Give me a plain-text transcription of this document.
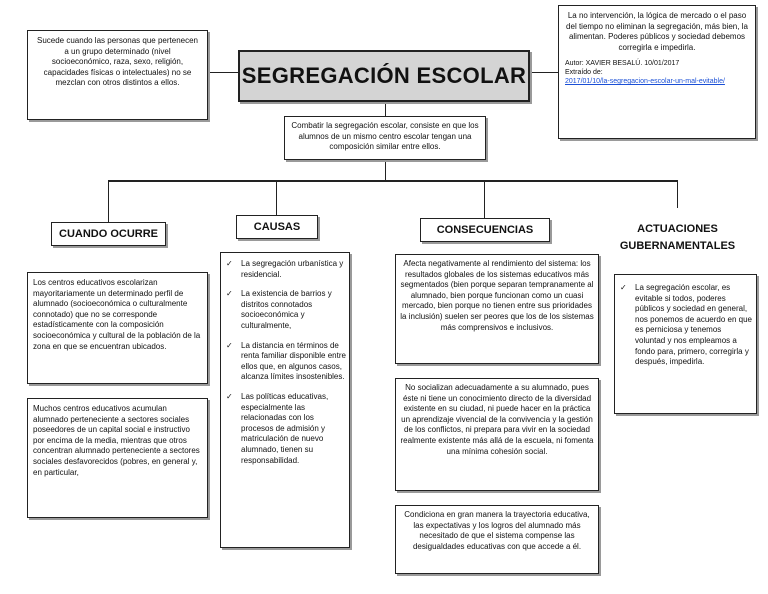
Sucede cuando las personas que pertenecen a un grupo determinado (nivel socioeconómico, raza, sexo, religión, capacidades físicas o intelectuales) no se mezclan con otros distintos a ellos.	SEGREGACIÓN ESCOLAR
La no intervención, la lógica de mercado o el paso del tiempo no eliminan la segregación, más bien, la alimentan. Poderes públicos y sociedad debemos corregirla e impedirla.
Autor: XAVIER BESALÚ. 10/01/2017
Extraído de:
2017/01/10/la-segregacion-escolar-un-mal-evitable/
Combatir la segregación escolar, consiste en que los alumnos de un mismo centro escolar tengan una composición similar entre ellos.
CUANDO OCURRE
Los centros educativos escolarizan mayoritariamente un determinado perfil de alumnado (socioeconómica o culturalmente connotado) que no se corresponde estadísticamente con la composición socioeconómica y cultural de la población de la zona en que se encuentran ubicados.
Muchos centros educativos acumulan alumnado perteneciente a sectores sociales poseedores de un capital social e instructivo por encima de la media, mientras que otros concentran alumnado perteneciente a sectores sociales desfavorecidos (pobres, en general y, en particular,
CAUSAS
✓ La segregación urbanística y residencial.
✓ La existencia de barrios y distritos connotados socioeconómica y culturalmente,
✓ La distancia en términos de renta familiar disponible entre ellos que, en algunos casos, alcanza límites insostenibles.
✓ Las políticas educativas, especialmente las relacionadas con los procesos de admisión y matriculación de nuevo alumnado, tienen su responsabilidad.
CONSECUENCIAS
Afecta negativamente al rendimiento del sistema: los resultados globales de los sistemas educativos más segmentados (bien porque separan tempranamente al alumnado, bien porque funcionan como un cuasi mercado, bien porque no tienen entre sus prioridades la inclusión) suelen ser peores que los de los sistemas más comprensivos e inclusivos.
No socializan adecuadamente a su alumnado, pues éste ni tiene un conocimiento directo de la diversidad existente en su ciudad, ni puede hacer en la práctica un aprendizaje vivencial de la convivencia y la gestión de los conflictos, ni prepara para vivir en la sociedad realmente existente más allá de la escuela, ni fomenta una mínima cohesión social.
Condiciona en gran manera la trayectoria educativa, las expectativas y los logros del alumnado más necesitado de que el sistema compense las desigualdades educativas con que accede a él.
ACTUACIONES GUBERNAMENTALES
✓ La segregación escolar, es evitable si todos, poderes públicos y sociedad en general, nos ponemos de acuerdo en que es perniciosa y tenemos voluntad y nos empleamos a fondo para, primero, corregirla y después, impedirla.
